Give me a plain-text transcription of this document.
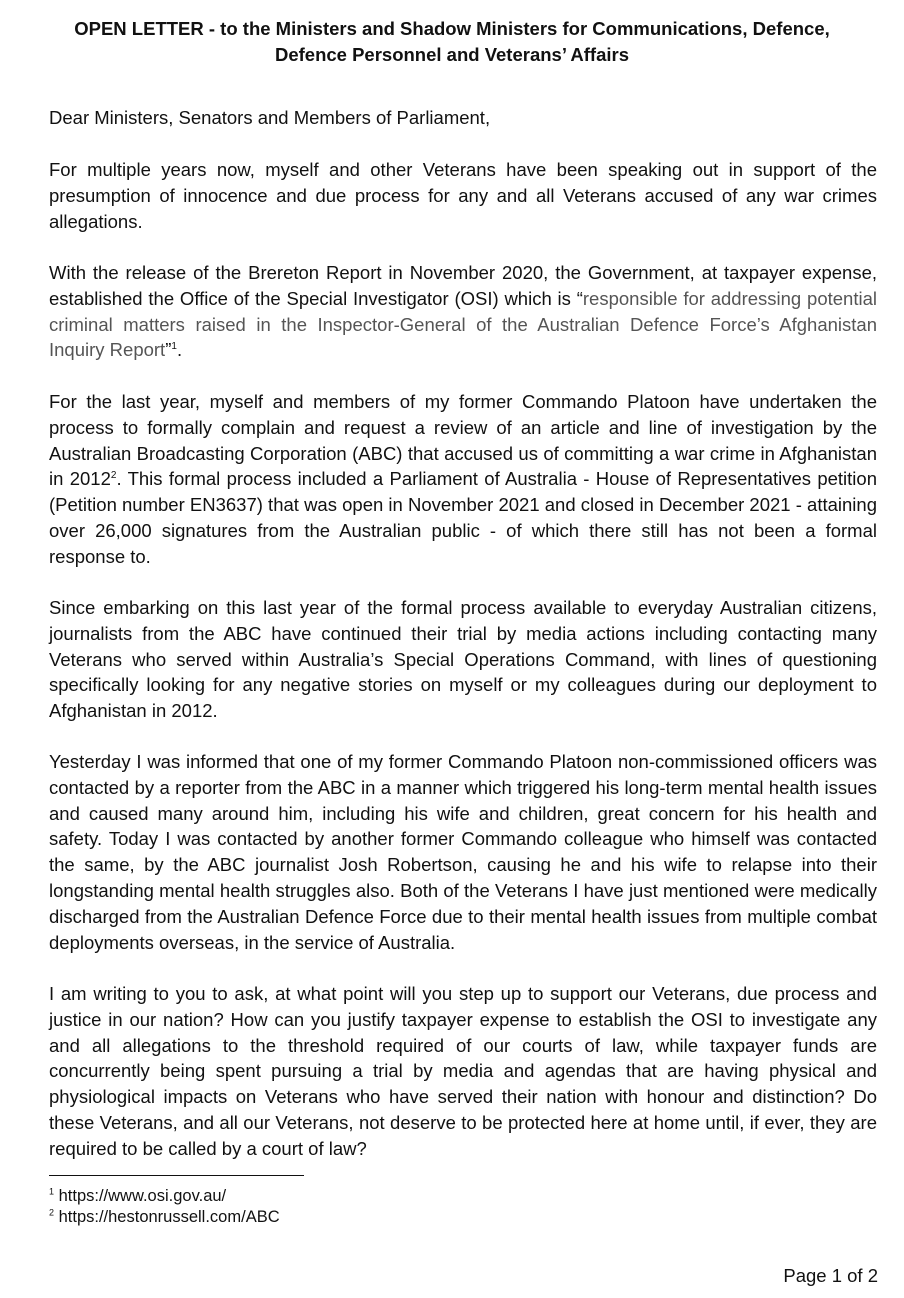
OPEN LETTER - to the Ministers and Shadow Ministers for Communications, Defence,
Defence Personnel and Veterans’ Affairs

Dear Ministers, Senators and Members of Parliament,

For multiple years now, myself and other Veterans have been speaking out in support of the presumption of innocence and due process for any and all Veterans accused of any war crimes allegations.

With the release of the Brereton Report in November 2020, the Government, at taxpayer expense, established the Office of the Special Investigator (OSI) which is “responsible for addressing potential criminal matters raised in the Inspector-General of the Australian Defence Force’s Afghanistan Inquiry Report”$^1$.

For the last year, myself and members of my former Commando Platoon have undertaken the process to formally complain and request a review of an article and line of investigation by the Australian Broadcasting Corporation (ABC) that accused us of committing a war crime in Afghanistan in 2012$^2$. This formal process included a Parliament of Australia - House of Representatives petition (Petition number EN3637) that was open in November 2021 and closed in December 2021 - attaining over 26,000 signatures from the Australian public - of which there still has not been a formal response to.

Since embarking on this last year of the formal process available to everyday Australian citizens, journalists from the ABC have continued their trial by media actions including contacting many Veterans who served within Australia’s Special Operations Command, with lines of questioning specifically looking for any negative stories on myself or my colleagues during our deployment to Afghanistan in 2012.

Yesterday I was informed that one of my former Commando Platoon non-commissioned officers was contacted by a reporter from the ABC in a manner which triggered his long-term mental health issues and caused many around him, including his wife and children, great concern for his health and safety. Today I was contacted by another former Commando colleague who himself was contacted the same, by the ABC journalist Josh Robertson, causing he and his wife to relapse into their longstanding mental health struggles also. Both of the Veterans I have just mentioned were medically discharged from the Australian Defence Force due to their mental health issues from multiple combat deployments overseas, in the service of Australia.

I am writing to you to ask, at what point will you step up to support our Veterans, due process and justice in our nation? How can you justify taxpayer expense to establish the OSI to investigate any and all allegations to the threshold required of our courts of law, while taxpayer funds are concurrently being spent pursuing a trial by media and agendas that are having physical and physiological impacts on Veterans who have served their nation with honour and distinction? Do these Veterans, and all our Veterans, not deserve to be protected here at home until, if ever, they are required to be called by a court of law?

$^1$ https://www.osi.gov.au/
$^2$ https://hestonrussell.com/ABC
Page 1 of 2
